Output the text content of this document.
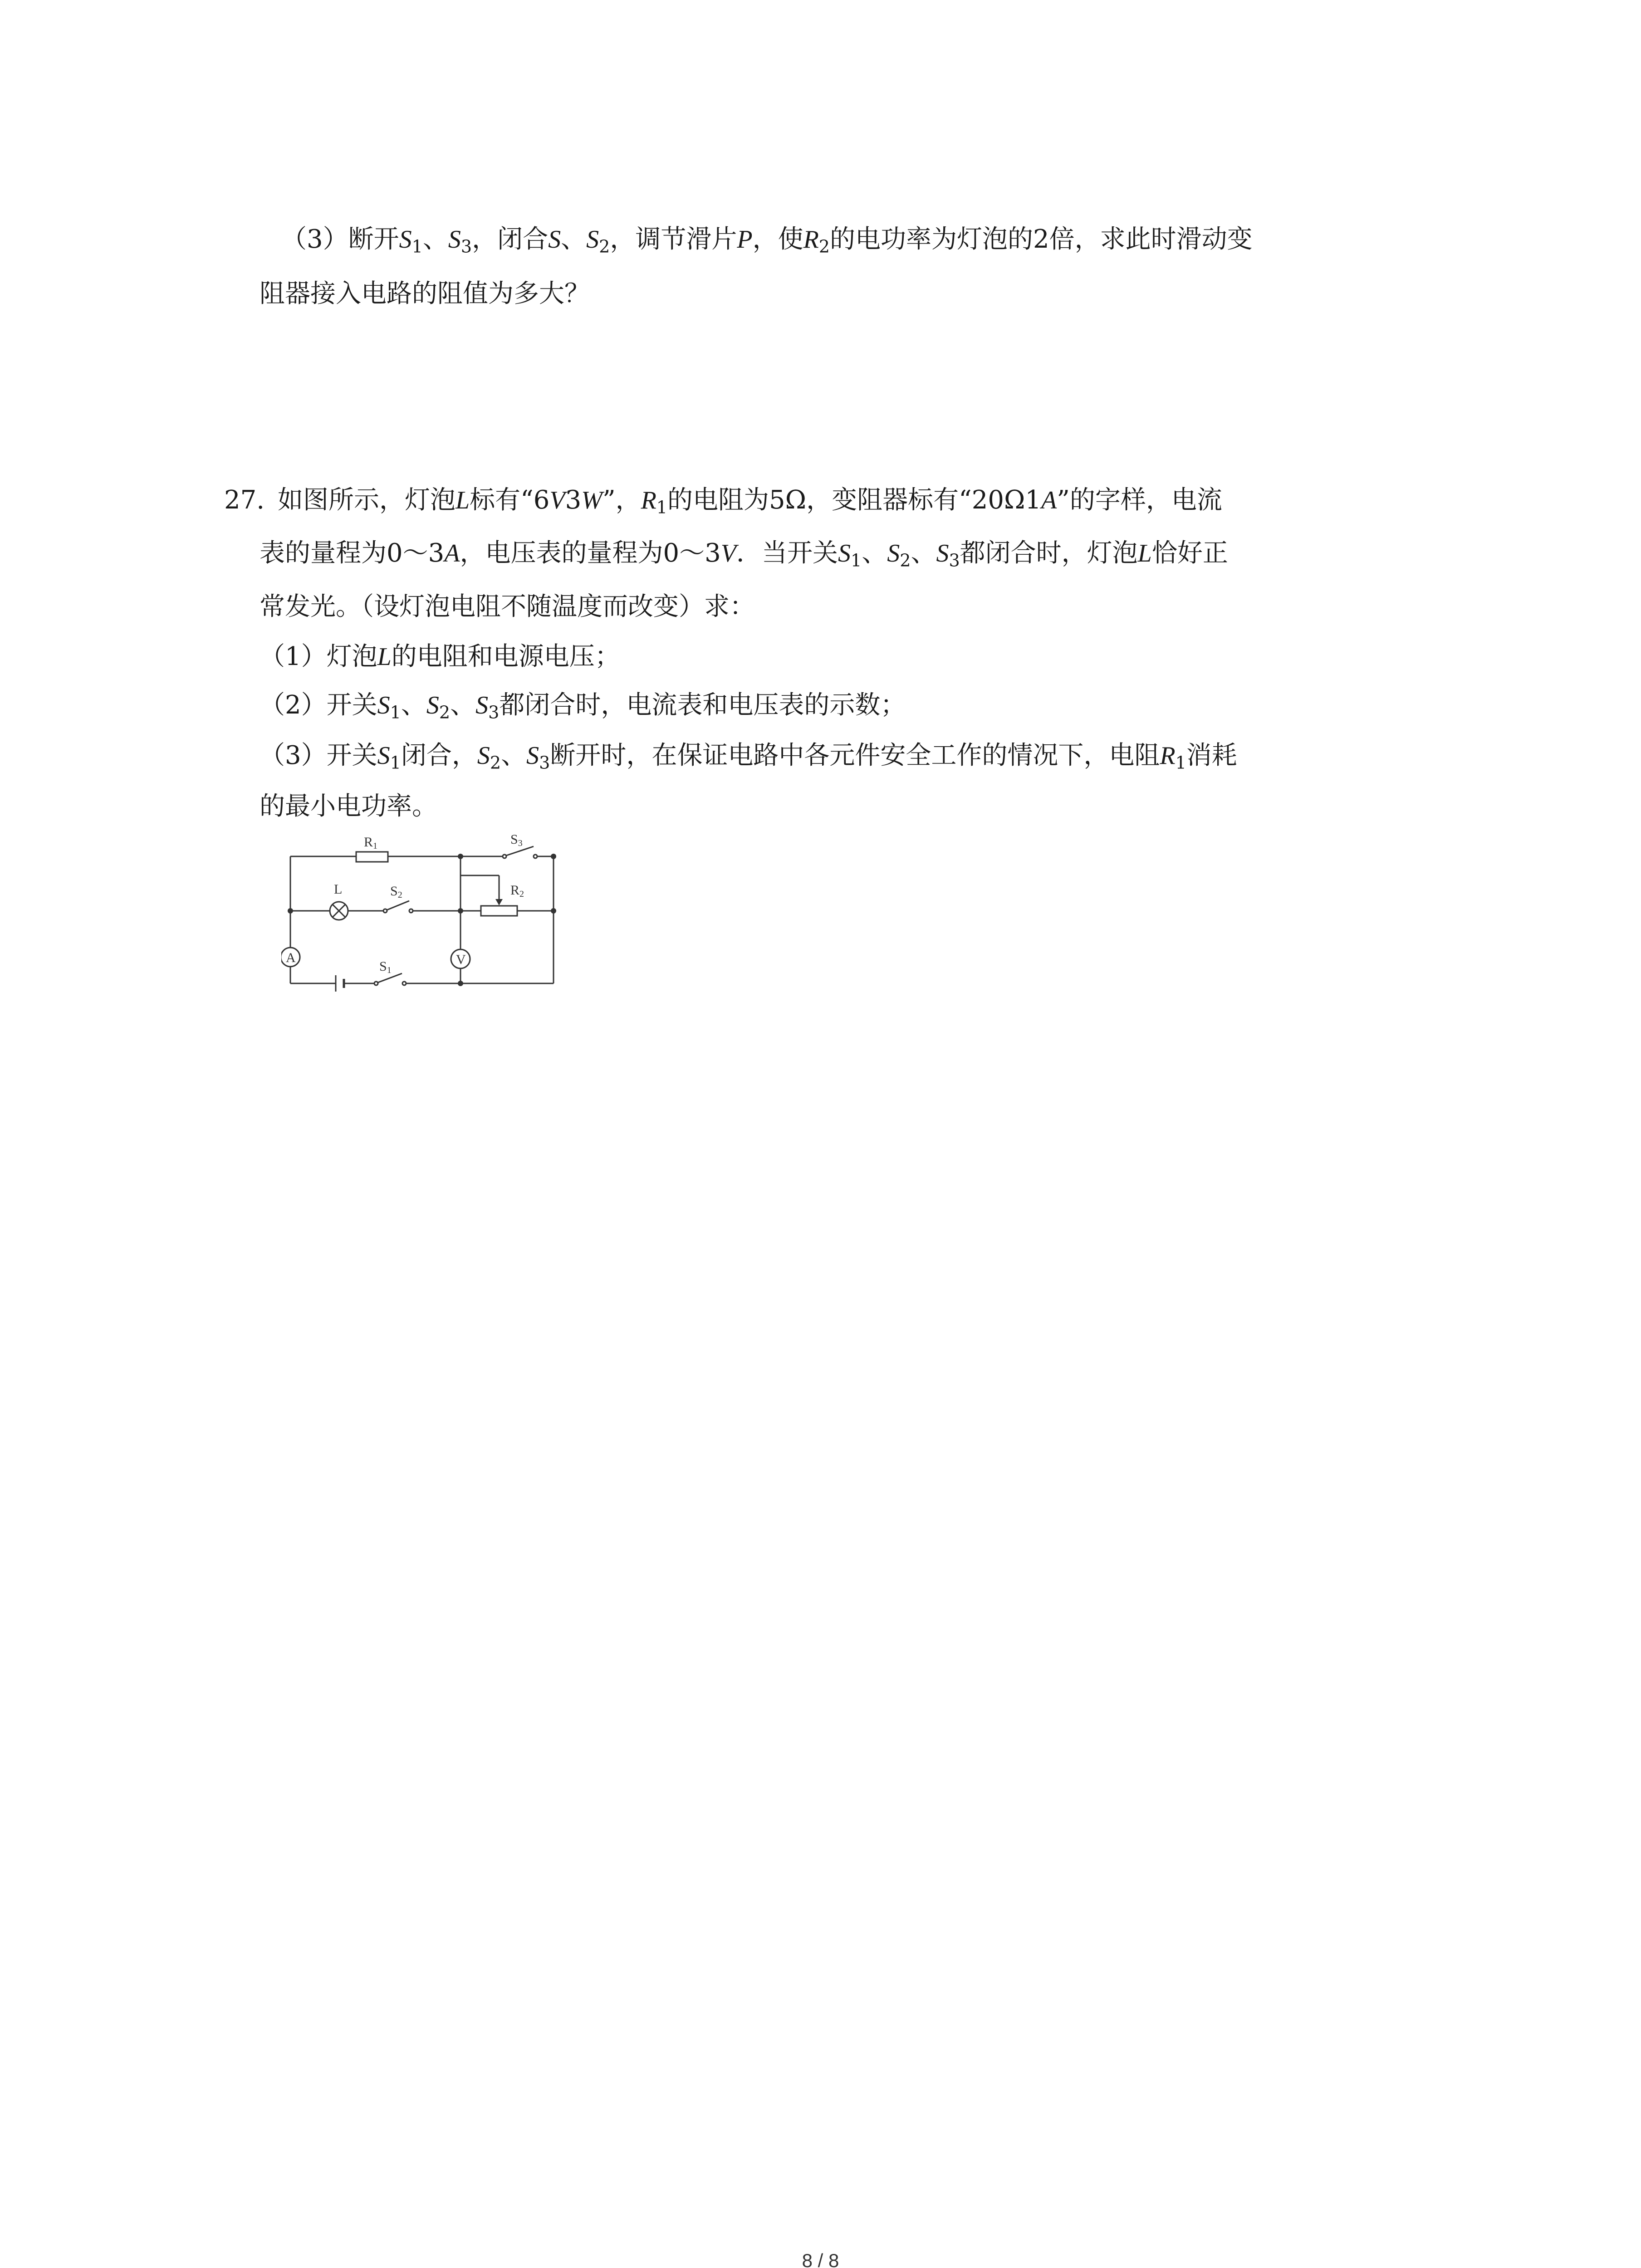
（3）断开$S_1$、$S_3$，闭合S、$S_2$，调节滑片P，使$R_2$的电功率为灯泡的2倍，求此时滑动变
阻器接入电路的阻值为多大？
27. 如图所示，灯泡L标有“6V3W”，$R_1$的电阻为5Ω，变阻器标有“20Ω1A”的字样，电流
表的量程为0～3A，电压表的量程为0～3V．当开关$S_1$、$S_2$、$S_3$都闭合时，灯泡L恰好正
常发光。（设灯泡电阻不随温度而改变）求：
（1）灯泡L的电阻和电源电压；
（2）开关$S_1$、$S_2$、$S_3$都闭合时，电流表和电压表的示数；
（3）开关$S_1$闭合，$S_2$、$S_3$断开时，在保证电路中各元件安全工作的情况下，电阻$R_1$消耗
的最小电功率。
R1	S3
L	S2	R2
A	V
S1
8 / 8
